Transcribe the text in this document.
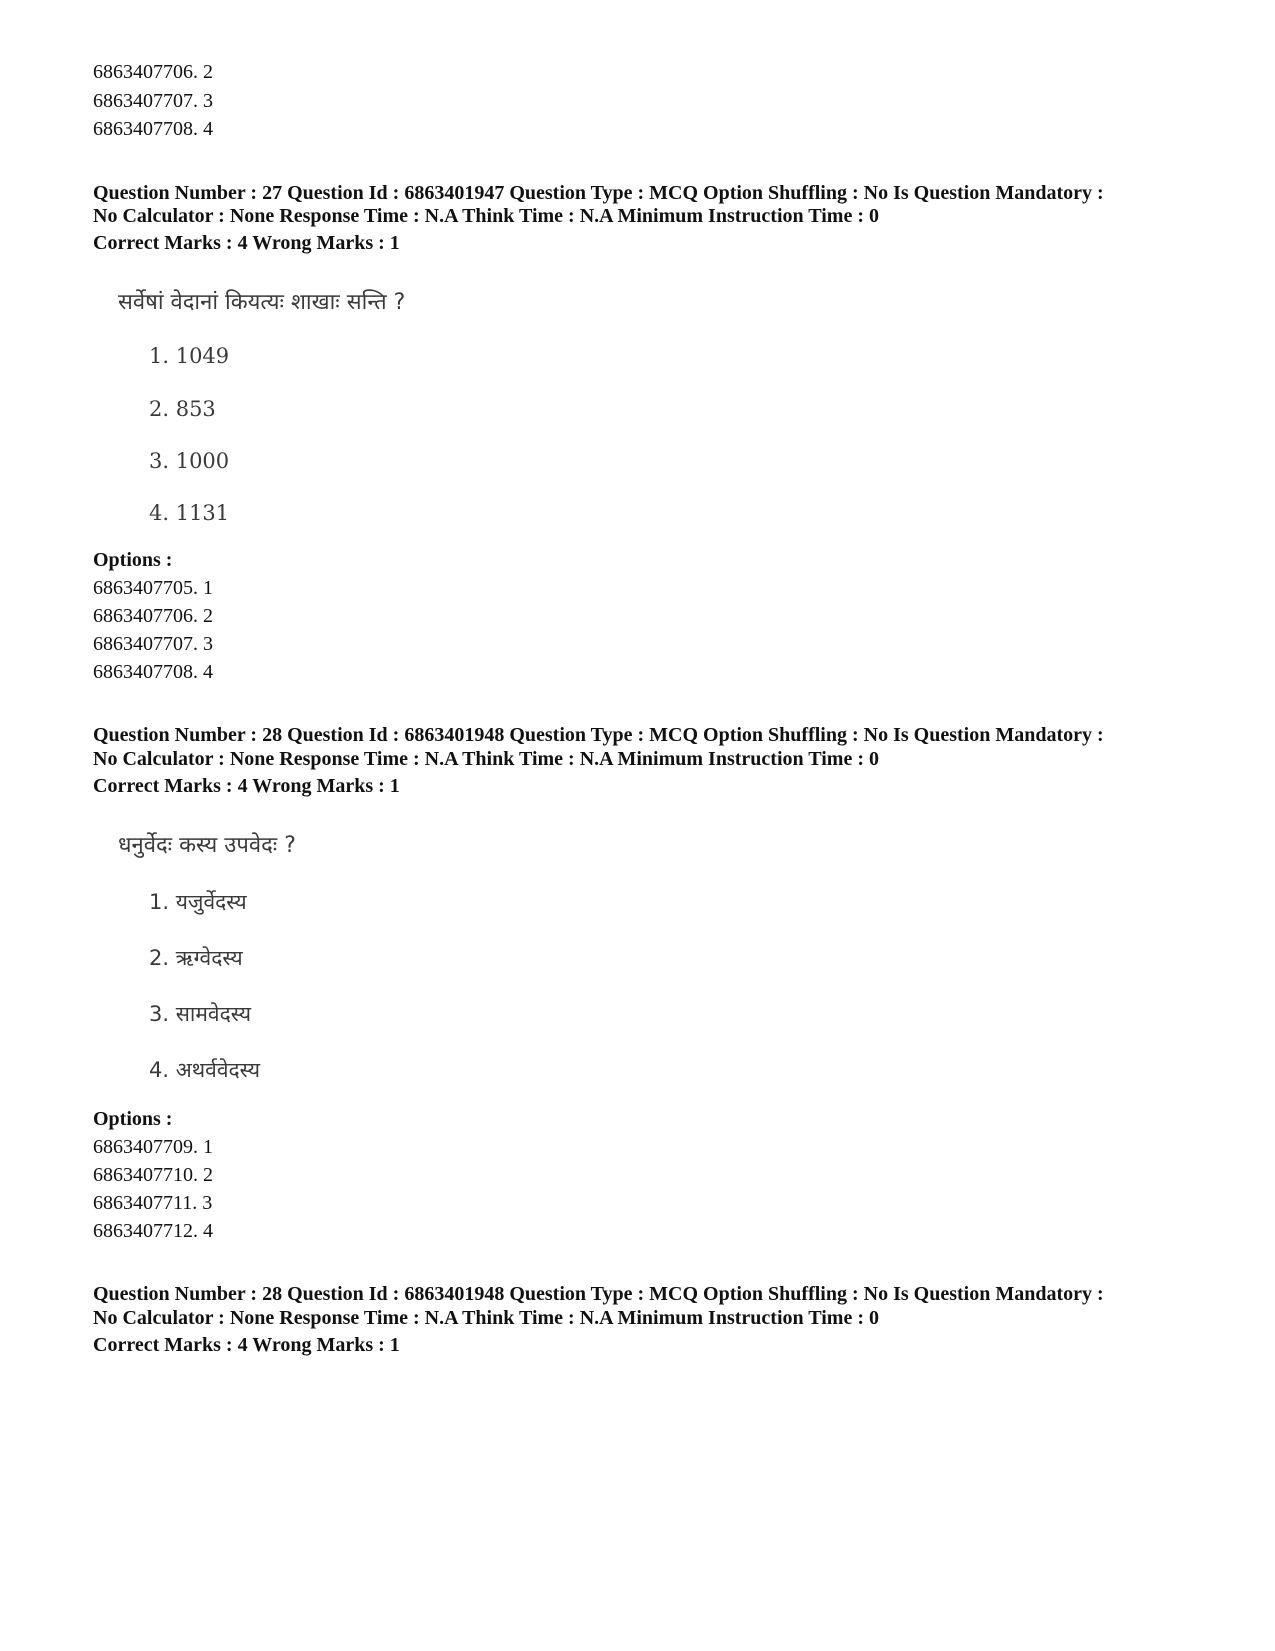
6863407706. 2
6863407707. 3
6863407708. 4
Question Number : 27 Question Id : 6863401947 Question Type : MCQ Option Shuffling : No Is Question Mandatory :
No Calculator : None Response Time : N.A Think Time : N.A Minimum Instruction Time : 0
Correct Marks : 4 Wrong Marks : 1
सर्वेषां वेदानां कियत्यः शाखाः सन्ति ?
1. 1049
2. 853
3. 1000
4. 1131
Options :
6863407705. 1
6863407706. 2
6863407707. 3
6863407708. 4
Question Number : 28 Question Id : 6863401948 Question Type : MCQ Option Shuffling : No Is Question Mandatory :
No Calculator : None Response Time : N.A Think Time : N.A Minimum Instruction Time : 0
Correct Marks : 4 Wrong Marks : 1
धनुर्वेदः कस्य उपवेदः ?
1. यजुर्वेदस्य
2. ऋग्वेदस्य
3. सामवेदस्य
4. अथर्ववेदस्य
Options :
6863407709. 1
6863407710. 2
6863407711. 3
6863407712. 4
Question Number : 28 Question Id : 6863401948 Question Type : MCQ Option Shuffling : No Is Question Mandatory :
No Calculator : None Response Time : N.A Think Time : N.A Minimum Instruction Time : 0
Correct Marks : 4 Wrong Marks : 1
